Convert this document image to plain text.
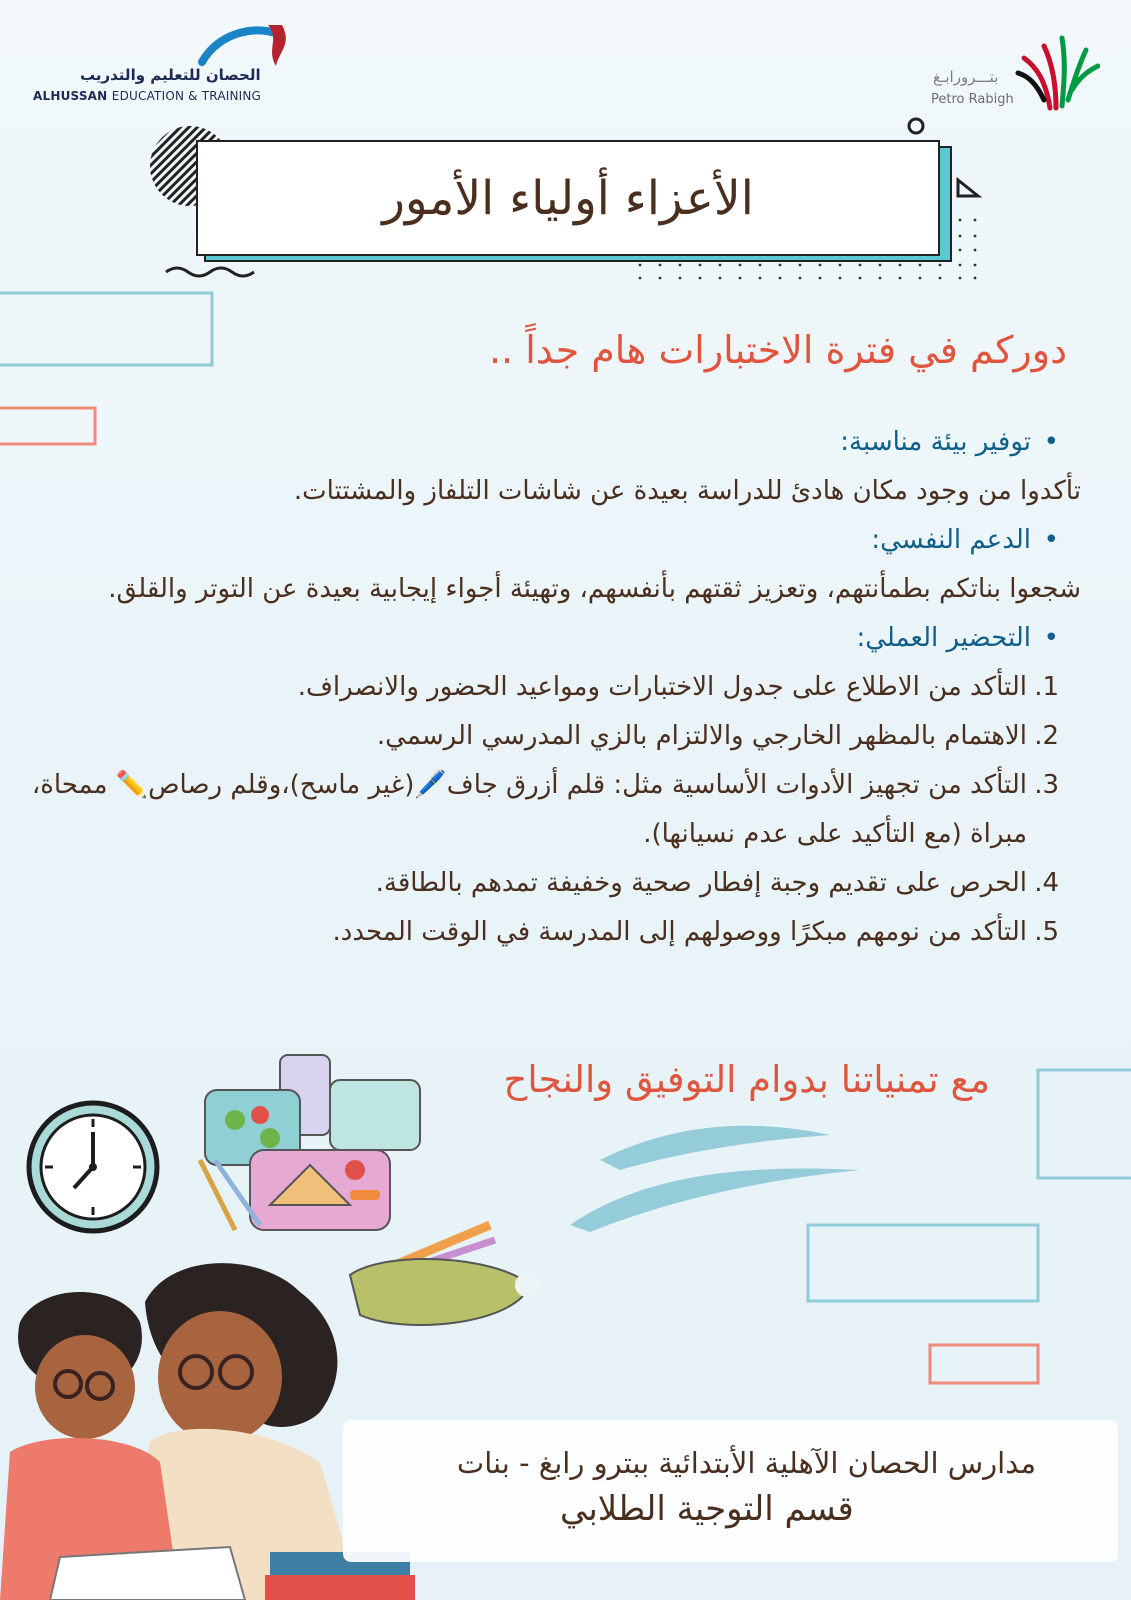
الحصان للتعليم والتدريب
ALHUSSAN EDUCATION & TRAINING
بتـــرورابـغ
Petro Rabigh
الأعزاء أولياء الأمور
دوركم في فترة الاختبارات هام جداً ..
• توفير بيئة مناسبة:
تأكدوا من وجود مكان هادئ للدراسة بعيدة عن شاشات التلفاز والمشتتات.
• الدعم النفسي:
شجعوا بناتكم بطمأنتهم، وتعزيز ثقتهم بأنفسهم، وتهيئة أجواء إيجابية بعيدة عن التوتر والقلق.
• التحضير العملي:
1.
التأكد من الاطلاع على جدول الاختبارات ومواعيد الحضور والانصراف.
2.
الاهتمام بالمظهر الخارجي والالتزام بالزي المدرسي الرسمي.
3.
التأكد من تجهيز الأدوات الأساسية مثل: قلم أزرق جاف🖊️(غير ماسح)،وقلم رصاص✏️ ممحاة، مبراة (مع التأكيد على عدم نسيانها).
4.
الحرص على تقديم وجبة إفطار صحية وخفيفة تمدهم بالطاقة.
5.
التأكد من نومهم مبكرًا ووصولهم إلى المدرسة في الوقت المحدد.
مع تمنياتنا بدوام التوفيق والنجاح
مدارس الحصان الآهلية الأبتدائية ببترو رابغ - بنات
قسم التوجية الطلابي
